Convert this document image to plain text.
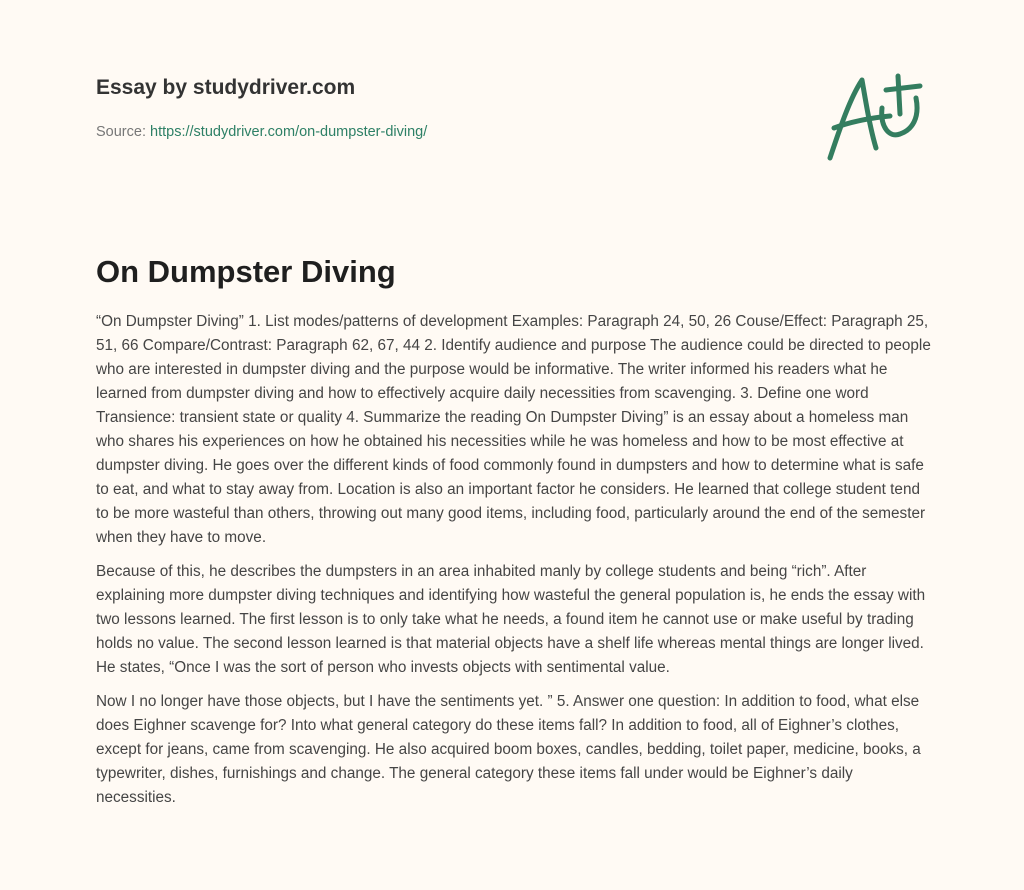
Essay by studydriver.com
Source: https://studydriver.com/on-dumpster-diving/
On Dumpster Diving

“On Dumpster Diving” 1. List modes/patterns of development Examples: Paragraph 24, 50, 26 Couse/Effect: Paragraph 25, 51, 66 Compare/Contrast: Paragraph 62, 67, 44 2. Identify audience and purpose The audience could be directed to people who are interested in dumpster diving and the purpose would be informative. The writer informed his readers what he learned from dumpster diving and how to effectively acquire daily necessities from scavenging. 3. Define one word Transience: transient state or quality 4. Summarize the reading On Dumpster Diving” is an essay about a homeless man who shares his experiences on how he obtained his necessities while he was homeless and how to be most effective at dumpster diving. He goes over the different kinds of food commonly found in dumpsters and how to determine what is safe to eat, and what to stay away from. Location is also an important factor he considers. He learned that college student tend to be more wasteful than others, throwing out many good items, including food, particularly around the end of the semester when they have to move.

Because of this, he describes the dumpsters in an area inhabited manly by college students and being “rich”. After explaining more dumpster diving techniques and identifying how wasteful the general population is, he ends the essay with two lessons learned. The first lesson is to only take what he needs, a found item he cannot use or make useful by trading holds no value. The second lesson learned is that material objects have a shelf life whereas mental things are longer lived. He states, “Once I was the sort of person who invests objects with sentimental value.

Now I no longer have those objects, but I have the sentiments yet. ” 5. Answer one question: In addition to food, what else does Eighner scavenge for? Into what general category do these items fall? In addition to food, all of Eighner’s clothes, except for jeans, came from scavenging. He also acquired boom boxes, candles, bedding, toilet paper, medicine, books, a typewriter, dishes, furnishings and change. The general category these items fall under would be Eighner’s daily necessities.
